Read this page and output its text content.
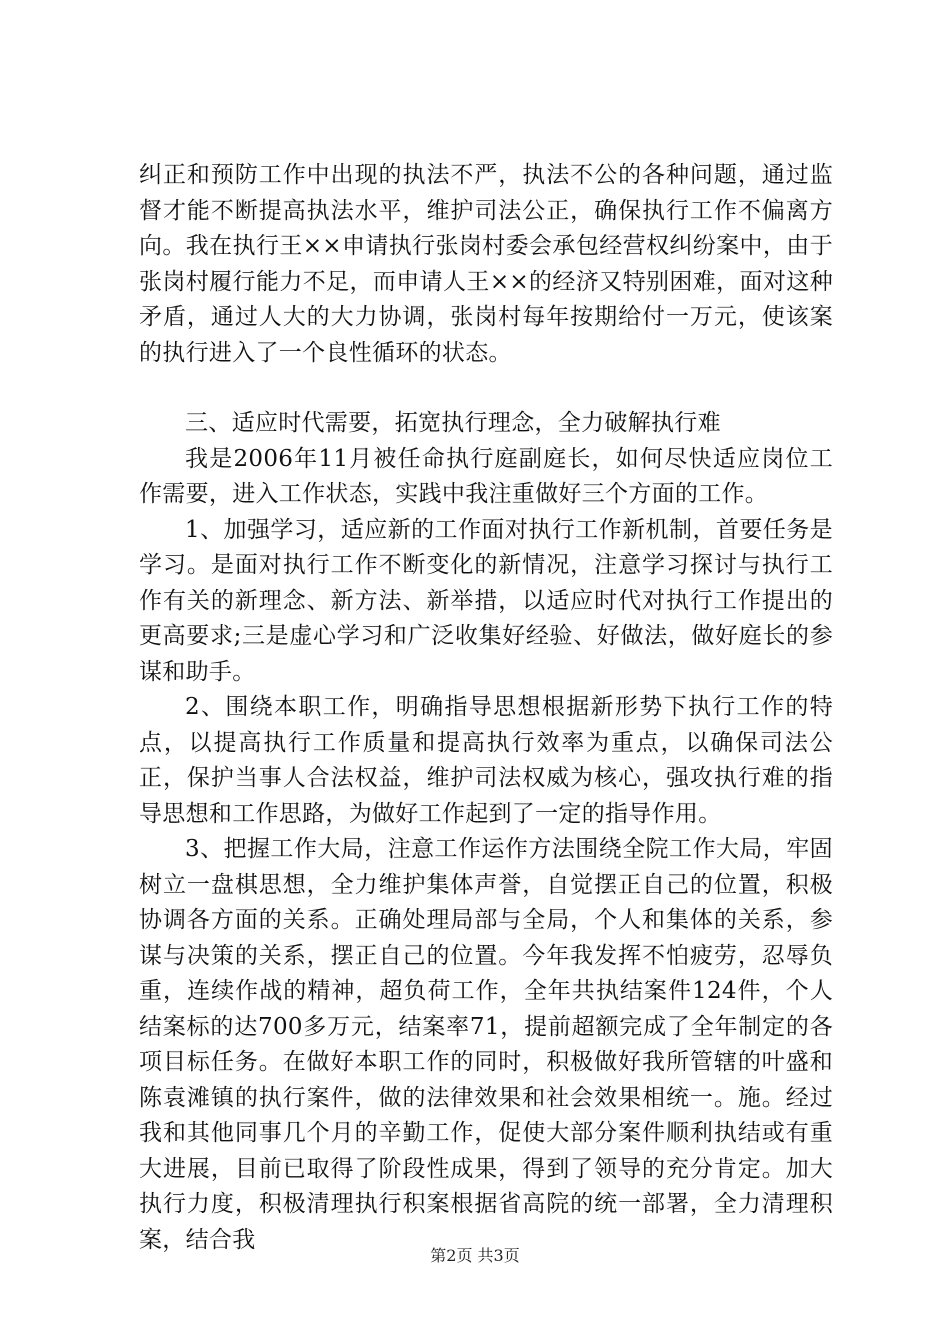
纠正和预防工作中出现的执法不严，执法不公的各种问题，通过监督才能不断提高执法水平，维护司法公正，确保执行工作不偏离方向。我在执行王××申请执行张岗村委会承包经营权纠纷案中，由于张岗村履行能力不足，而申请人王××的经济又特别困难，面对这种矛盾，通过人大的大力协调，张岗村每年按期给付一万元，使该案的执行进入了一个良性循环的状态。

三、适应时代需要，拓宽执行理念，全力破解执行难

我是2006年11月被任命执行庭副庭长，如何尽快适应岗位工作需要，进入工作状态，实践中我注重做好三个方面的工作。

1、加强学习，适应新的工作面对执行工作新机制，首要任务是学习。是面对执行工作不断变化的新情况，注意学习探讨与执行工作有关的新理念、新方法、新举措，以适应时代对执行工作提出的更高要求;三是虚心学习和广泛收集好经验、好做法，做好庭长的参谋和助手。

2、围绕本职工作，明确指导思想根据新形势下执行工作的特点，以提高执行工作质量和提高执行效率为重点，以确保司法公正，保护当事人合法权益，维护司法权威为核心，强攻执行难的指导思想和工作思路，为做好工作起到了一定的指导作用。

3、把握工作大局，注意工作运作方法围绕全院工作大局，牢固树立一盘棋思想，全力维护集体声誉，自觉摆正自己的位置，积极协调各方面的关系。正确处理局部与全局，个人和集体的关系，参谋与决策的关系，摆正自己的位置。今年我发挥不怕疲劳，忍辱负重，连续作战的精神，超负荷工作，全年共执结案件124件，个人结案标的达700多万元，结案率71，提前超额完成了全年制定的各项目标任务。在做好本职工作的同时，积极做好我所管辖的叶盛和陈袁滩镇的执行案件，做的法律效果和社会效果相统一。施。经过我和其他同事几个月的辛勤工作，促使大部分案件顺利执结或有重大进展，目前已取得了阶段性成果，得到了领导的充分肯定。加大执行力度，积极清理执行积案根据省高院的统一部署，全力清理积案，结合我

第2页 共3页
